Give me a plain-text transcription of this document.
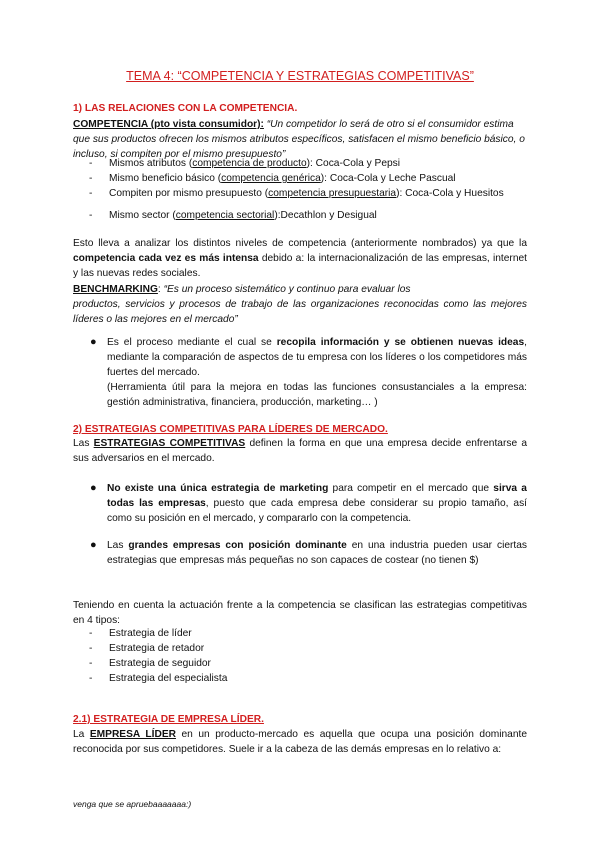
TEMA 4: “COMPETENCIA Y ESTRATEGIAS COMPETITIVAS”
1) LAS RELACIONES CON LA COMPETENCIA.

COMPETENCIA (pto vista consumidor): “Un competidor lo será de otro si el consumidor estima que sus productos ofrecen los mismos atributos específicos, satisfacen el mismo beneficio básico, o incluso, si compiten por el mismo presupuesto”

- Mismos atributos (competencia de producto): Coca-Cola y Pepsi

- Mismo beneficio básico (competencia genérica): Coca-Cola y Leche Pascual

- Compiten por mismo presupuesto (competencia presupuestaria): Coca-Cola y Huesitos

- Mismo sector (competencia sectorial):Decathlon y Desigual

Esto lleva a analizar los distintos niveles de competencia (anteriormente nombrados) ya que la competencia cada vez es más intensa debido a: la internacionalización de las empresas, internet y las nuevas redes sociales.

BENCHMARKING: “Es un proceso sistemático y continuo para evaluar los

productos, servicios y procesos de trabajo de las organizaciones reconocidas como las mejores líderes o las mejores en el mercado”

● Es el proceso mediante el cual se recopila información y se obtienen nuevas ideas, mediante la comparación de aspectos de tu empresa con los líderes o los competidores más fuertes del mercado.
(Herramienta útil para la mejora en todas las funciones consustanciales a la empresa: gestión administrativa, financiera, producción, marketing… )

2) ESTRATEGIAS COMPETITIVAS PARA LÍDERES DE MERCADO.

Las ESTRATEGIAS COMPETITIVAS definen la forma en que una empresa decide enfrentarse a sus adversarios en el mercado.

● No existe una única estrategia de marketing para competir en el mercado que sirva a todas las empresas, puesto que cada empresa debe considerar su propio tamaño, así como su posición en el mercado, y compararlo con la competencia.

● Las grandes empresas con posición dominante en una industria pueden usar ciertas estrategias que empresas más pequeñas no son capaces de costear (no tienen $)

Teniendo en cuenta la actuación frente a la competencia se clasifican las estrategias competitivas en 4 tipos:

- Estrategia de líder

- Estrategia de retador

- Estrategia de seguidor

- Estrategia del especialista

2.1) ESTRATEGIA DE EMPRESA LÍDER.

La EMPRESA LÍDER en un producto-mercado es aquella que ocupa una posición dominante reconocida por sus competidores. Suele ir a la cabeza de las demás empresas en lo relativo a:

venga que se apruebaaaaaaa:)
